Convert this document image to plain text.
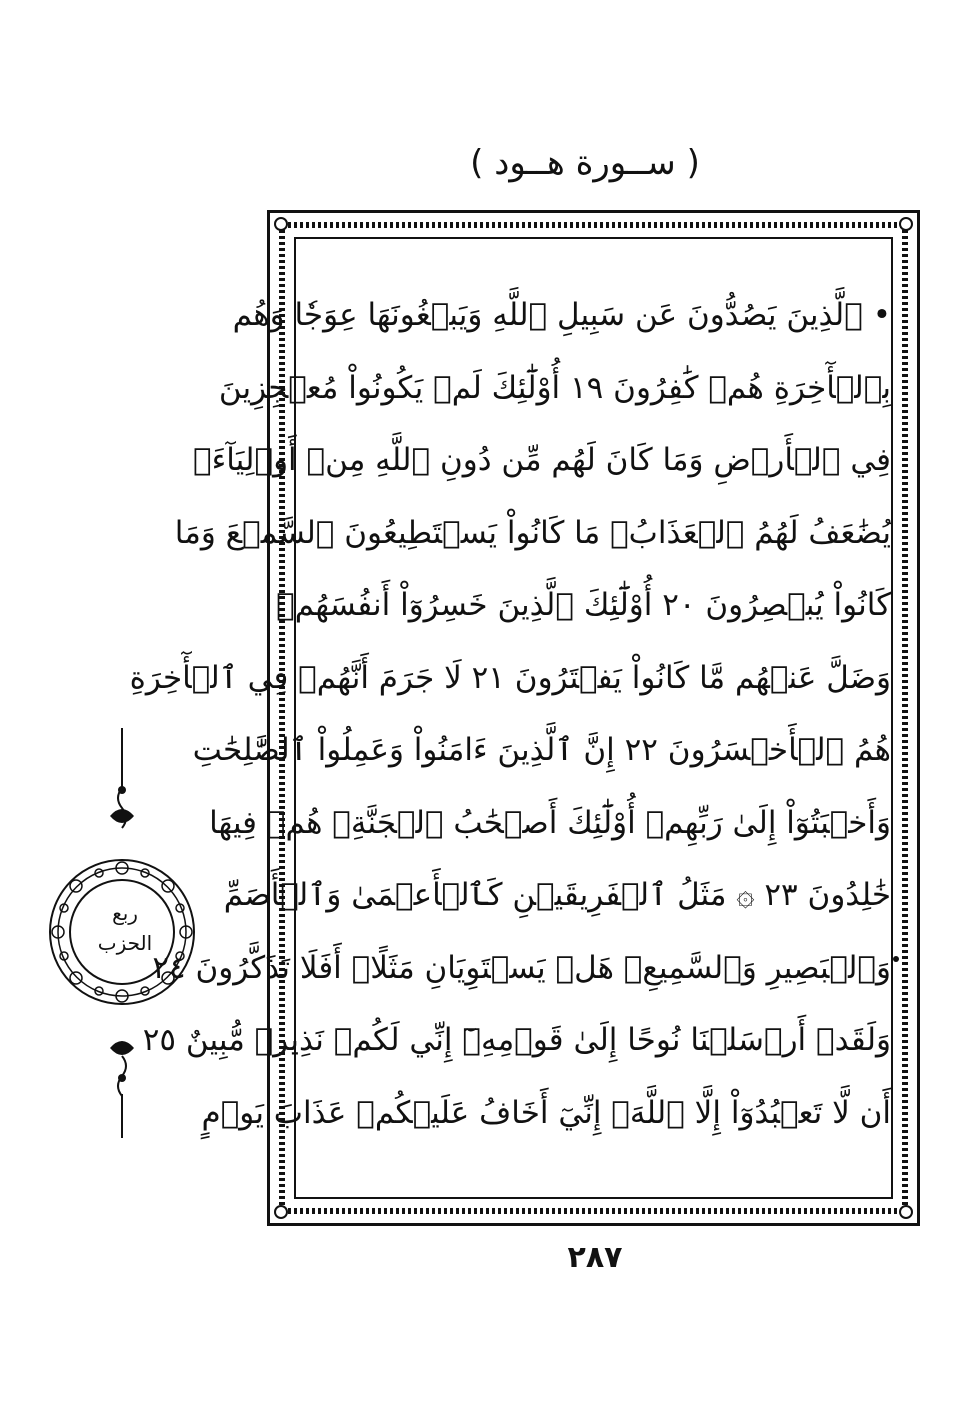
( ســورة هــود )
• ٱلَّذِينَ يَصُدُّونَ عَن سَبِيلِ ٱللَّهِ وَيَبۡغُونَهَا عِوَجٗا وَهُم
بِٱلۡأٓخِرَةِ هُمۡ كَٰفِرُونَ ١٩ أُوْلَٰٓئِكَ لَمۡ يَكُونُواْ مُعۡجِزِينَ
فِي ٱلۡأَرۡضِ وَمَا كَانَ لَهُم مِّن دُونِ ٱللَّهِ مِنۡ أَوۡلِيَآءَۘ
يُضَٰعَفُ لَهُمُ ٱلۡعَذَابُۚ مَا كَانُواْ يَسۡتَطِيعُونَ ٱلسَّمۡعَ وَمَا
كَانُواْ يُبۡصِرُونَ ٢٠ أُوْلَٰٓئِكَ ٱلَّذِينَ خَسِرُوٓاْ أَنفُسَهُمۡ
وَضَلَّ عَنۡهُم مَّا كَانُواْ يَفۡتَرُونَ ٢١ لَا جَرَمَ أَنَّهُمۡ فِي ٱلۡأٓخِرَةِ
هُمُ ٱلۡأَخۡسَرُونَ ٢٢ إِنَّ ٱلَّذِينَ ءَامَنُواْ وَعَمِلُواْ ٱلصَّٰلِحَٰتِ
وَأَخۡبَتُوٓاْ إِلَىٰ رَبِّهِمۡ أُوْلَٰٓئِكَ أَصۡحَٰبُ ٱلۡجَنَّةِۖ هُمۡ فِيهَا
خَٰلِدُونَ ٢٣ ۞ مَثَلُ ٱلۡفَرِيقَيۡنِ كَٱلۡأَعۡمَىٰ وَٱلۡأَصَمِّ
وَٱلۡبَصِيرِ وَٱلسَّمِيعِۚ هَلۡ يَسۡتَوِيَانِ مَثَلًاۚ أَفَلَا تَذَكَّرُونَ ٢٤
وَلَقَدۡ أَرۡسَلۡنَا نُوحًا إِلَىٰ قَوۡمِهِۦٓ إِنِّي لَكُمۡ نَذِيرٞ مُّبِينٌ ٢٥
أَن لَّا تَعۡبُدُوٓاْ إِلَّا ٱللَّهَۖ إِنِّيٓ أَخَافُ عَلَيۡكُمۡ عَذَابَ يَوۡمٍ
ربع
الحزب
٢٨٧
